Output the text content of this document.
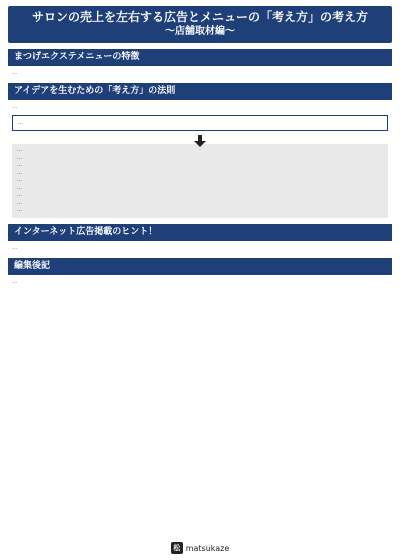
サロンの売上を左右する広告とメニューの「考え方」の考え方
〜店舗取材編〜
まつげエクステメニューの特徴
…
アイデアを生むための「考え方」の法則
…
…
…
…
…
…
…
…
…
…
…
インターネット広告掲載のヒント！
…
編集後記
…
松 matsukaze
